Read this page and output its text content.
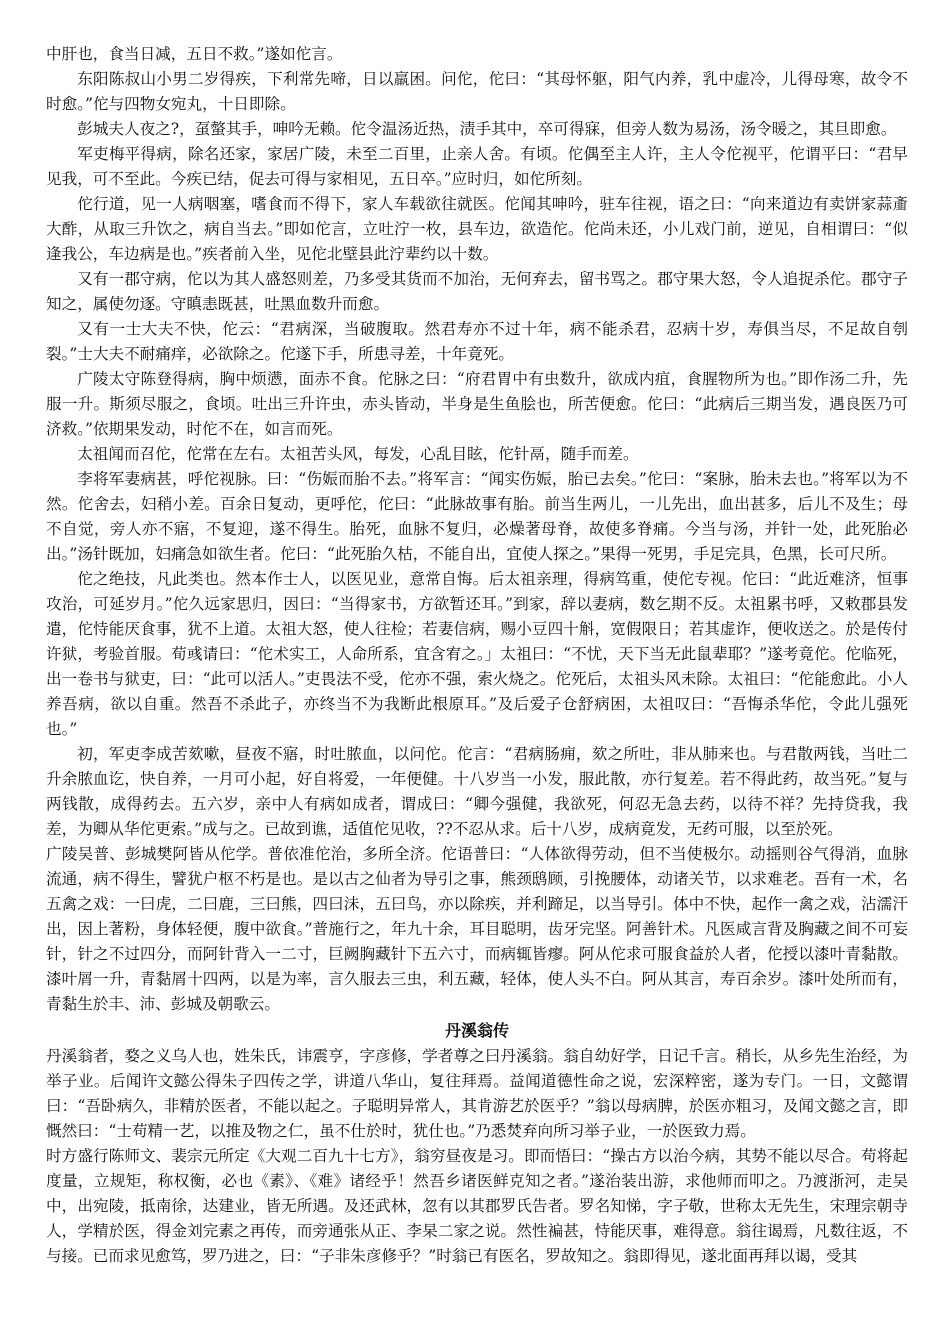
中肝也，食当日减，五日不救。”遂如佗言。

东阳陈叔山小男二岁得疾，下利常先啼，日以羸困。问佗，佗曰：“其母怀躯，阳气内养，乳中虚冷，儿得母寒，故令不时愈。”佗与四物女宛丸，十日即除。

彭城夫人夜之?，虿螫其手，呻吟无赖。佗令温汤近热，渍手其中，卒可得寐，但旁人数为易汤，汤令暖之，其旦即愈。

军吏梅平得病，除名还家，家居广陵，未至二百里，止亲人舍。有顷。佗偶至主人许，主人令佗视平，佗谓平曰：“君早见我，可不至此。今疾已结，促去可得与家相见，五日卒。”应时归，如佗所刻。

佗行道，见一人病咽塞，嗜食而不得下，家人车载欲往就医。佗闻其呻吟，驻车往视，语之曰：“向来道边有卖饼家蒜齑大酢，从取三升饮之，病自当去。”即如佗言，立吐泞一枚，县车边，欲造佗。佗尚未还，小儿戏门前，逆见，自相谓曰：“似逢我公，车边病是也。”疾者前入坐，见佗北壁县此泞辈约以十数。

又有一郡守病，佗以为其人盛怒则差，乃多受其货而不加治，无何弃去，留书骂之。郡守果大怒，令人追捉杀佗。郡守子知之，属使勿逐。守瞋恚既甚，吐黑血数升而愈。

又有一士大夫不快，佗云：“君病深，当破腹取。然君寿亦不过十年，病不能杀君，忍病十岁，寿俱当尽，不足故自刳裂。”士大夫不耐痛痒，必欲除之。佗遂下手，所患寻差，十年竟死。

广陵太守陈登得病，胸中烦懑，面赤不食。佗脉之曰：“府君胃中有虫数升，欲成内疽，食腥物所为也。”即作汤二升，先服一升。斯须尽服之，食顷。吐出三升许虫，赤头皆动，半身是生鱼脍也，所苦便愈。佗曰：“此病后三期当发，遇良医乃可济救。”依期果发动，时佗不在，如言而死。

太祖闻而召佗，佗常在左右。太祖苦头风，每发，心乱目眩，佗针鬲，随手而差。

李将军妻病甚，呼佗视脉。曰：“伤娠而胎不去。”将军言：“闻实伤娠，胎已去矣。”佗曰：“案脉，胎未去也。”将军以为不然。佗舍去，妇稍小差。百余日复动，更呼佗，佗曰：“此脉故事有胎。前当生两儿，一儿先出，血出甚多，后儿不及生；母不自觉，旁人亦不寤，不复迎，遂不得生。胎死，血脉不复归，必燥著母脊，故使多脊痛。今当与汤，并针一处，此死胎必出。”汤针既加，妇痛急如欲生者。佗曰：“此死胎久枯，不能自出，宜使人探之。”果得一死男，手足完具，色黑，长可尺所。

佗之绝技，凡此类也。然本作士人，以医见业，意常自悔。后太祖亲理，得病笃重，使佗专视。佗曰：“此近难济，恒事攻治，可延岁月。”佗久远家思归，因曰：“当得家书，方欲暂还耳。”到家，辞以妻病，数乞期不反。太祖累书呼，又敕郡县发遣，佗恃能厌食事，犹不上道。太祖大怒，使人往检；若妻信病，赐小豆四十斛，宽假限日；若其虚诈，便收送之。於是传付许狱，考验首服。荀彧请曰：“佗术实工，人命所系，宜含宥之。」太祖曰：“不忧，天下当无此鼠辈耶？”遂考竟佗。佗临死，出一卷书与狱吏，曰：“此可以活人。”吏畏法不受，佗亦不强，索火烧之。佗死后，太祖头风未除。太祖曰：“佗能愈此。小人养吾病，欲以自重。然吾不杀此子，亦终当不为我断此根原耳。”及后爱子仓舒病困，太祖叹曰：“吾悔杀华佗，令此儿强死也。”

初，军吏李成苦欬嗽，昼夜不寤，时吐脓血，以问佗。佗言：“君病肠痈，欬之所吐，非从肺来也。与君散两钱，当吐二升余脓血讫，快自养，一月可小起，好自将爱，一年便健。十八岁当一小发，服此散，亦行复差。若不得此药，故当死。”复与两钱散，成得药去。五六岁，亲中人有病如成者，谓成曰：“卿今强健，我欲死，何忍无急去药，以待不祥？先持贷我，我差，为卿从华佗更索。”成与之。已故到谯，适值佗见收，??不忍从求。后十八岁，成病竟发，无药可服，以至於死。

广陵吴普、彭城樊阿皆从佗学。普依准佗治，多所全济。佗语普曰：“人体欲得劳动，但不当使极尔。动摇则谷气得消，血脉流通，病不得生，譬犹户枢不朽是也。是以古之仙者为导引之事，熊颈鸱顾，引挽腰体，动诸关节，以求难老。吾有一术，名五禽之戏：一曰虎，二曰鹿，三曰熊，四曰沬，五曰鸟，亦以除疾，并利蹄足，以当导引。体中不快，起作一禽之戏，沾濡汗出，因上著粉，身体轻便，腹中欲食。”普施行之，年九十余，耳目聪明，齿牙完坚。阿善针术。凡医咸言背及胸藏之间不可妄针，针之不过四分，而阿针背入一二寸，巨阙胸藏针下五六寸，而病辄皆瘳。阿从佗求可服食益於人者，佗授以漆叶青黏散。漆叶屑一升，青黏屑十四两，以是为率，言久服去三虫，利五藏，轻体，使人头不白。阿从其言，寿百余岁。漆叶处所而有，青黏生於丰、沛、彭城及朝歌云。

丹溪翁传

丹溪翁者，婺之义乌人也，姓朱氏，讳震亨，字彦修，学者尊之曰丹溪翁。翁自幼好学，日记千言。稍长，从乡先生治经，为举子业。后闻许文懿公得朱子四传之学，讲道八华山，复往拜焉。益闻道德性命之说，宏深粹密，遂为专门。一日，文懿谓曰：“吾卧病久，非精於医者，不能以起之。子聪明异常人，其肯游艺於医乎？”翁以母病脾，於医亦粗习，及闻文懿之言，即慨然曰：“士苟精一艺，以推及物之仁，虽不仕於时，犹仕也。”乃悉焚弃向所习举子业，一於医致力焉。

时方盛行陈师文、裴宗元所定《大观二百九十七方》，翁穷昼夜是习。即而悟曰：“操古方以治今病，其势不能以尽合。苟将起度量，立规矩，称权衡，必也《素》、《难》诸经乎！然吾乡诸医鲜克知之者。”遂治装出游，求他师而叩之。乃渡浙河，走吴中，出宛陵，抵南徐，达建业，皆无所遇。及还武林，忽有以其郡罗氏告者。罗名知悌，字子敬，世称太无先生，宋理宗朝寺人，学精於医，得金刘完素之再传，而旁通张从正、李杲二家之说。然性褊甚，恃能厌事，难得意。翁往谒焉，凡数往返，不与接。已而求见愈笃，罗乃进之，曰：“子非朱彦修乎？”时翁已有医名，罗故知之。翁即得见，遂北面再拜以谒，受其
